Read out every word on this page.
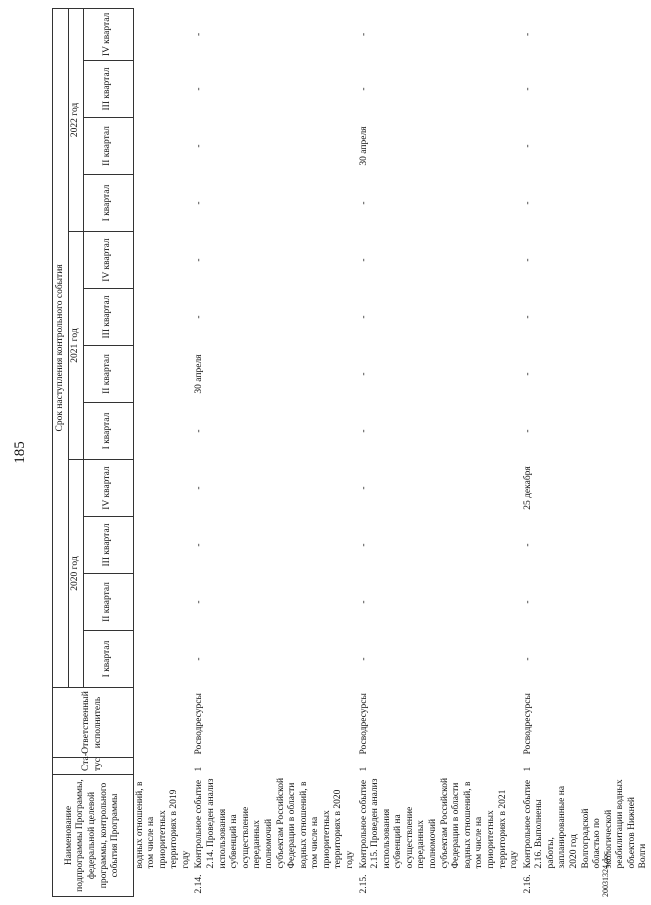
185
Наименование подпрограммы Программы, федеральной целевой программы, контрольного события Программы		Ста-тус	Ответственный исполнитель	Срок наступления контрольного события											
				2020 год				2021 год				2022 год			
				I квартал	II квартал	III квартал	IV квартал	I квартал	II квартал	III квартал	IV квартал	I квартал	II квартал	III квартал	IV квартал
	водных отношений, в том числе на приоритетных территориях в 2019 году														
2.14.	Контрольное событие 2.14. Проведен анализ использования субвенций на осуществление переданных полномочий субъектам Российской Федерации в области водных отношений, в том числе на приоритетных территориях в 2020 году	1	Росводресурсы	-	-	-	-	-	30 апреля	-	-	-	-	-	-
2.15.	Контрольное событие 2.15. Проведен анализ использования субвенций на осуществление переданных полномочий субъектам Российской Федерации в области водных отношений, в том числе на приоритетных территориях в 2021 году	1	Росводресурсы	-	-	-	-	-	-	-	-	-	30 апреля	-	-
2.16.	Контрольное событие 2.16. Выполнены работы, запланированные на 2020 год Волгоградской областью по экологической реабилитации водных объектов Нижней Волги	1	Росводресурсы	-	-	-	25 декабря	-	-	-	-	-	-	-	-
20031324.doc
